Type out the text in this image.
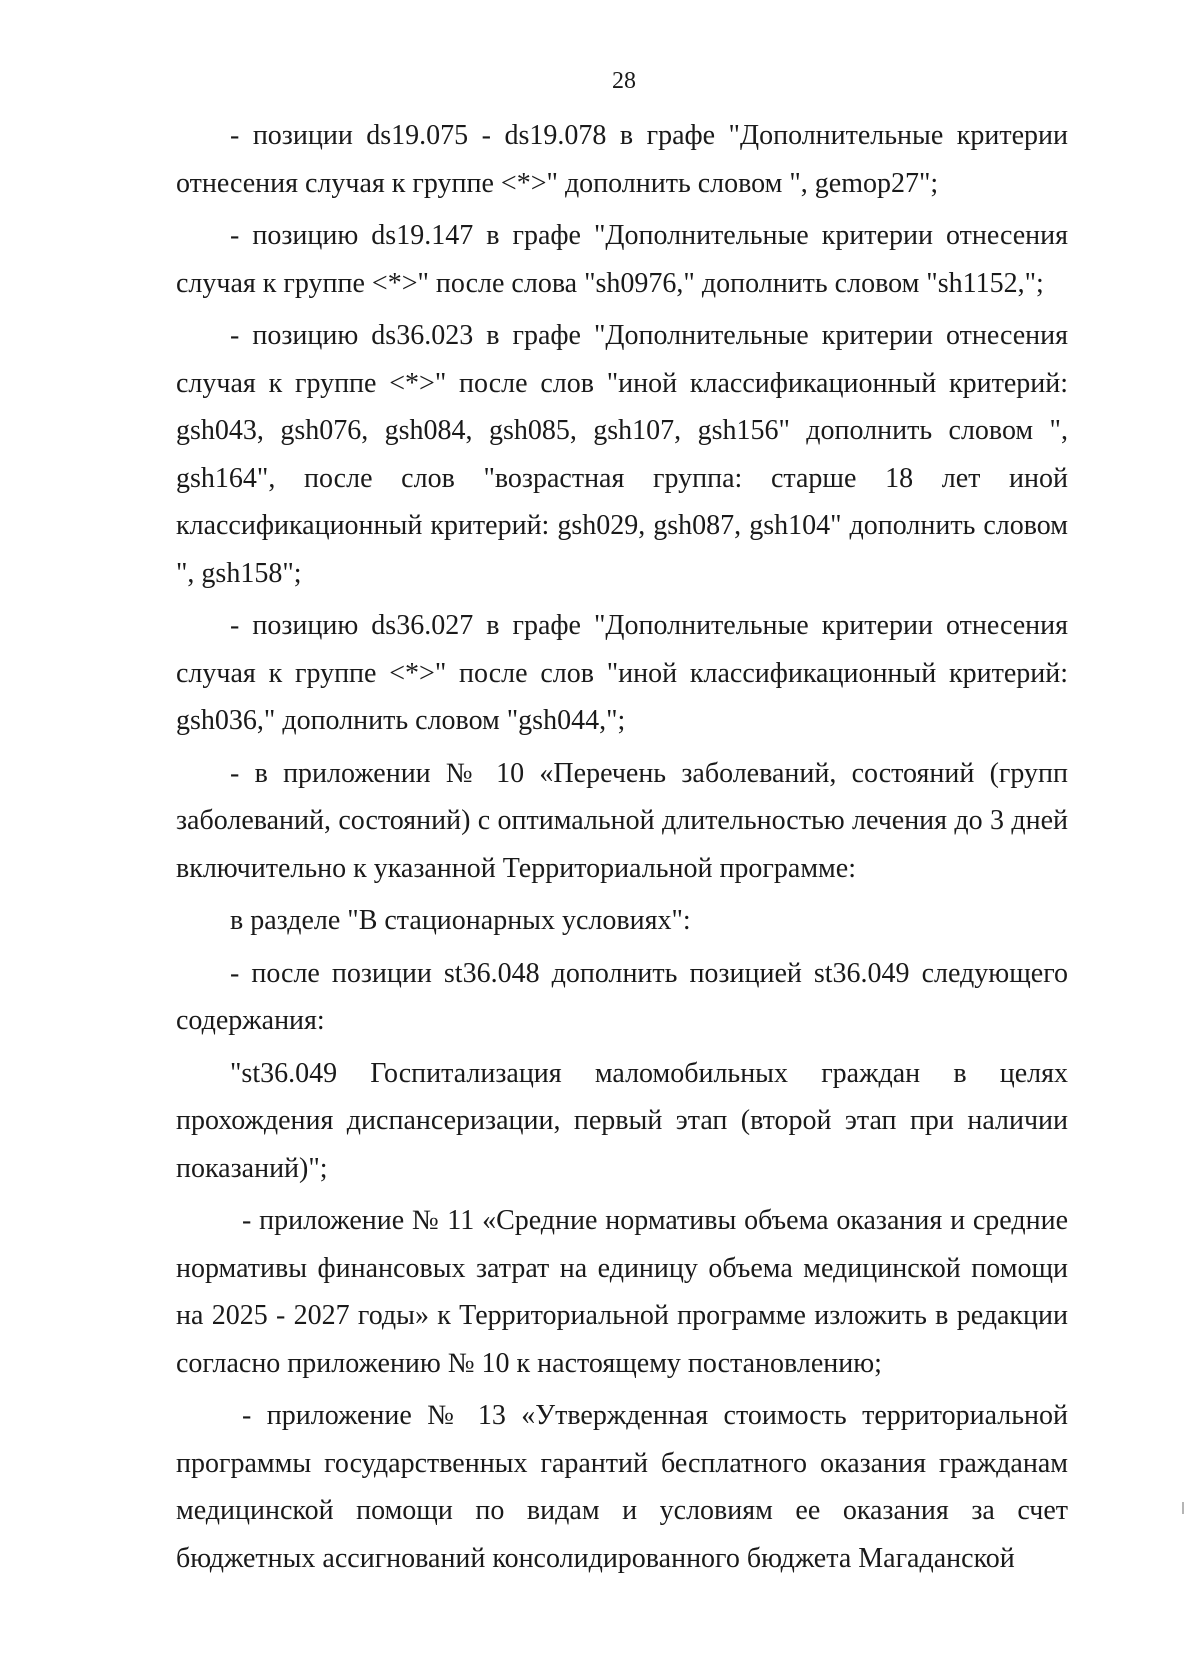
28

- позиции ds19.075 - ds19.078 в графе "Дополнительные критерии отнесения случая к группе <*>" дополнить словом ", gemop27";

- позицию ds19.147 в графе "Дополнительные критерии отнесения случая к группе <*>" после слова "sh0976," дополнить словом "sh1152,";

- позицию ds36.023 в графе "Дополнительные критерии отнесения случая к группе <*>" после слов "иной классификационный критерий: gsh043, gsh076, gsh084, gsh085, gsh107, gsh156" дополнить словом ", gsh164", после слов "возрастная группа: старше 18 лет иной классификационный критерий: gsh029, gsh087, gsh104" дополнить словом ", gsh158";

- позицию ds36.027 в графе "Дополнительные критерии отнесения случая к группе <*>" после слов "иной классификационный критерий: gsh036," дополнить словом "gsh044,";

- в приложении № 10 «Перечень заболеваний, состояний (групп заболеваний, состояний) с оптимальной длительностью лечения до 3 дней включительно к указанной Территориальной программе:

в разделе "В стационарных условиях":

- после позиции st36.048 дополнить позицией st36.049 следующего содержания:

"st36.049 Госпитализация маломобильных граждан в целях прохождения диспансеризации, первый этап (второй этап при наличии показаний)";

- приложение № 11 «Средние нормативы объема оказания и средние нормативы финансовых затрат на единицу объема медицинской помощи на 2025 - 2027 годы» к Территориальной программе изложить в редакции согласно приложению № 10 к настоящему постановлению;

- приложение № 13 «Утвержденная стоимость территориальной программы государственных гарантий бесплатного оказания гражданам медицинской помощи по видам и условиям ее оказания за счет бюджетных ассигнований консолидированного бюджета Магаданской
